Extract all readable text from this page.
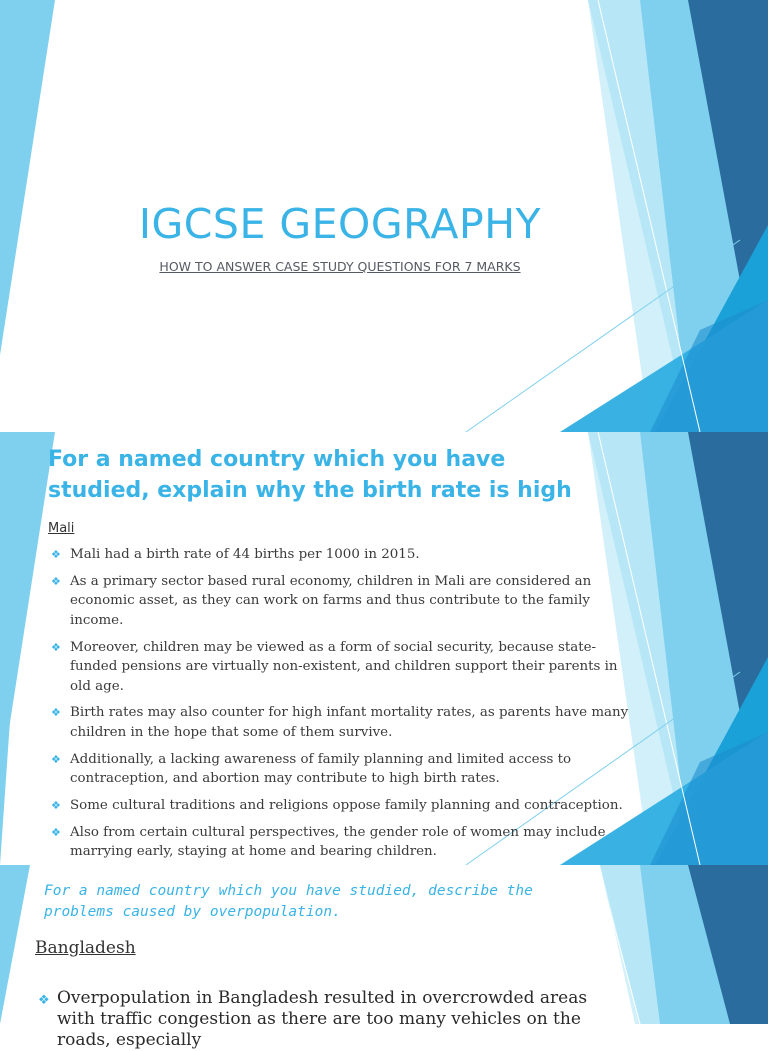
IGCSE GEOGRAPHY

HOW TO ANSWER CASE STUDY QUESTIONS FOR 7 MARKS

For a named country which you have studied, explain why the birth rate is high

Mali

❖ Mali had a birth rate of 44 births per 1000 in 2015.
❖ As a primary sector based rural economy, children in Mali are considered an economic asset, as they can work on farms and thus contribute to the family income.
❖ Moreover, children may be viewed as a form of social security, because state-funded pensions are virtually non-existent, and children support their parents in old age.
❖ Birth rates may also counter for high infant mortality rates, as parents have many children in the hope that some of them survive.
❖ Additionally, a lacking awareness of family planning and limited access to contraception, and abortion may contribute to high birth rates.
❖ Some cultural traditions and religions oppose family planning and contraception.
❖ Also from certain cultural perspectives, the gender role of women may include marrying early, staying at home and bearing children.

For a named country which you have studied, describe the problems caused by overpopulation.

Bangladesh

❖ Overpopulation in Bangladesh resulted in overcrowded areas with traffic congestion as there are too many vehicles on the roads, especially
